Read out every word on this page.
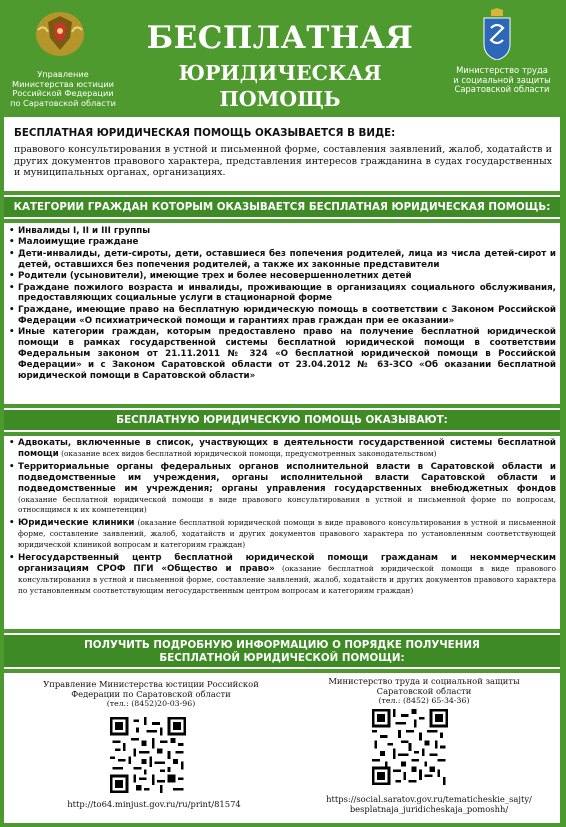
Управление
Министерства юстиции
Российской Федерации
по Саратовской области
БЕСПЛАТНАЯ
ЮРИДИЧЕСКАЯ ПОМОЩЬ
Министерство труда
и социальной защиты
Саратовской области
БЕСПЛАТНАЯ ЮРИДИЧЕСКАЯ ПОМОЩЬ ОКАЗЫВАЕТСЯ В ВИДЕ:
правового консультирования в устной и письменной форме, составления заявлений, жалоб, ходатайств и других документов правового характера, представления интересов гражданина в судах государственных и муниципальных органах, организациях.
КАТЕГОРИИ ГРАЖДАН КОТОРЫМ ОКАЗЫВАЕТСЯ БЕСПЛАТНАЯ ЮРИДИЧЕСКАЯ ПОМОЩЬ:
• Инвалиды I, II и III группы
• Малоимущие граждане
• Дети-инвалиды, дети-сироты, дети, оставшиеся без попечения родителей, лица из числа детей-сирот и детей, оставшихся без попечения родителей, а также их законные представители
• Родители (усыновители), имеющие трех и более несовершеннолетних детей
• Граждане пожилого возраста и инвалиды, проживающие в организациях социального обслуживания, предоставляющих социальные услуги в стационарной форме
• Граждане, имеющие право на бесплатную юридическую помощь в соответствии с Законом Российской Федерации «О психиатрической помощи и гарантиях прав граждан при ее оказании»
• Иные категории граждан, которым предоставлено право на получение бесплатной юридической помощи в рамках государственной системы бесплатной юридической помощи в соответствии Федеральным законом от 21.11.2011 № 324 «О бесплатной юридической помощи в Российской Федерации» и с Законом Саратовской области от 23.04.2012 № 63-ЗСО «Об оказании бесплатной юридической помощи в Саратовской области»
БЕСПЛАТНУЮ ЮРИДИЧЕСКУЮ ПОМОЩЬ ОКАЗЫВАЮТ:
• Адвокаты, включенные в список, участвующих в деятельности государственной системы бесплатной помощи (оказание всех видов бесплатной юридической помощи, предусмотренных законодательством)
• Территориальные органы федеральных органов исполнительной власти в Саратовской области и подведомственные им учреждения, органы исполнительной власти Саратовской области и подведомственные им учреждения; органы управления государственных внебюджетных фондов (оказание бесплатной юридической помощи в виде правового консультирования в устной и письменной форме по вопросам, относящимся к их компетенции)
• Юридические клиники (оказание бесплатной юридической помощи в виде правового консультирования в устной и письменной форме, составление заявлений, жалоб, ходатайств и других документов правового характера по установленным соответствующей юридической клиникой вопросам и категориям граждан)
• Негосударственный центр бесплатной юридической помощи гражданам и некоммерческим организациям СРОФ ПГИ «Общество и право» (оказание бесплатной юридической помощи в виде правового консультирования в устной и письменной форме, составление заявлений, жалоб, ходатайств и других документов правового характера по установленным соответствующим негосударственным центром вопросам и категориям граждан)
ПОЛУЧИТЬ ПОДРОБНУЮ ИНФОРМАЦИЮ О ПОРЯДКЕ ПОЛУЧЕНИЯ
БЕСПЛАТНОЙ ЮРИДИЧЕСКОЙ ПОМОЩИ:
Управление Министерства юстиции Российской
Федерации по Саратовской области
(тел.: (8452)20-03-96)
Министерство труда и социальной защиты
Саратовской области
(тел.: (8452) 65-34-36)
http://to64.minjust.gov.ru/ru/print/81574	https://social.saratov.gov.ru/tematicheskie_sajty/
besplatnaja_juridicheskaja_pomoshh/
